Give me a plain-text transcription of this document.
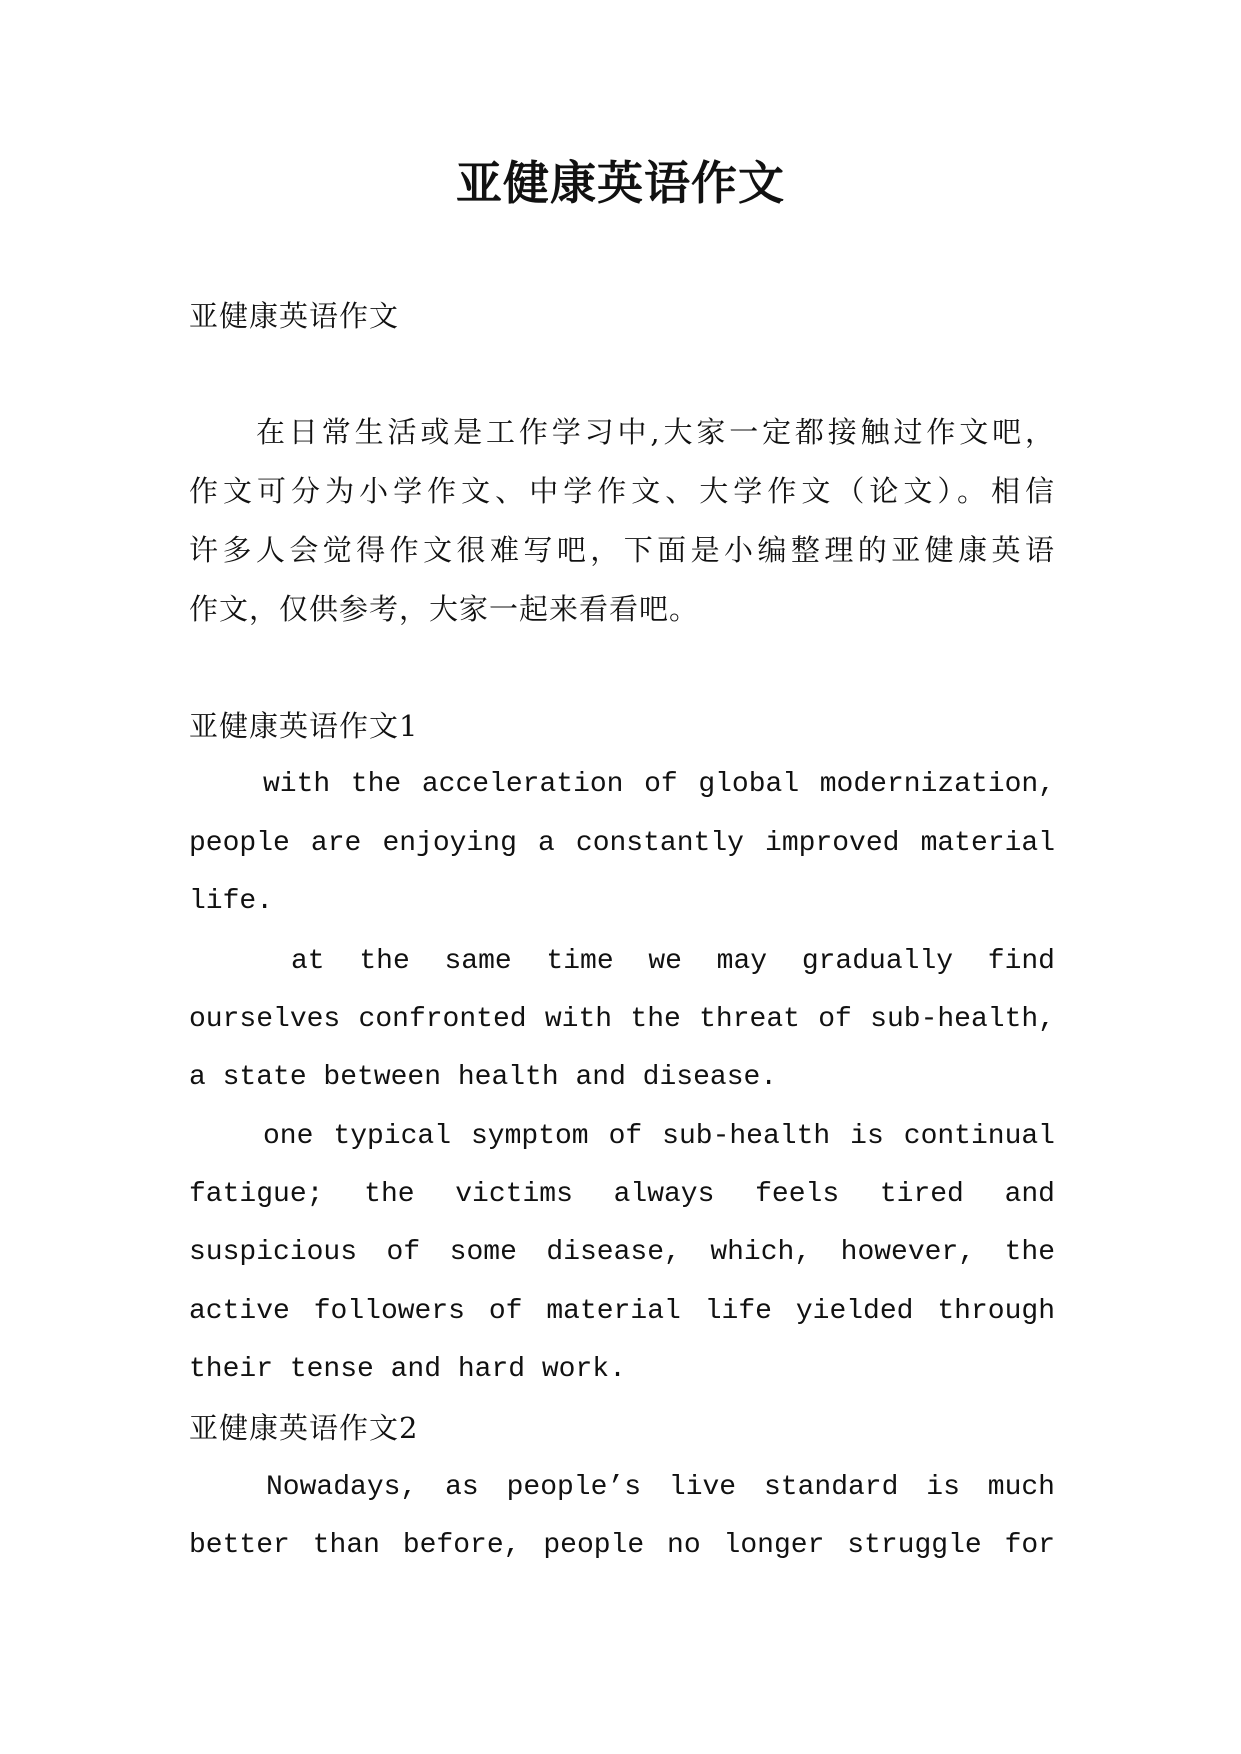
亚健康英语作文
亚健康英语作文
在日常生活或是工作学习中,大家一定都接触过作文吧，
作文可分为小学作文、中学作文、大学作文（论文）。相信
许多人会觉得作文很难写吧，下面是小编整理的亚健康英语
作文，仅供参考，大家一起来看看吧。
亚健康英语作文1
with the acceleration of global modernization,
people are enjoying a constantly improved material
life.
at the same time we may gradually find
ourselves confronted with the threat of sub-health,
a state between health and disease.
one typical symptom of sub-health is continual
fatigue; the victims always feels tired and
suspicious of some disease, which, however, the
active followers of material life yielded through
their tense and hard work.
亚健康英语作文2
Nowadays, as people’s live standard is much
better than before, people no longer struggle for
